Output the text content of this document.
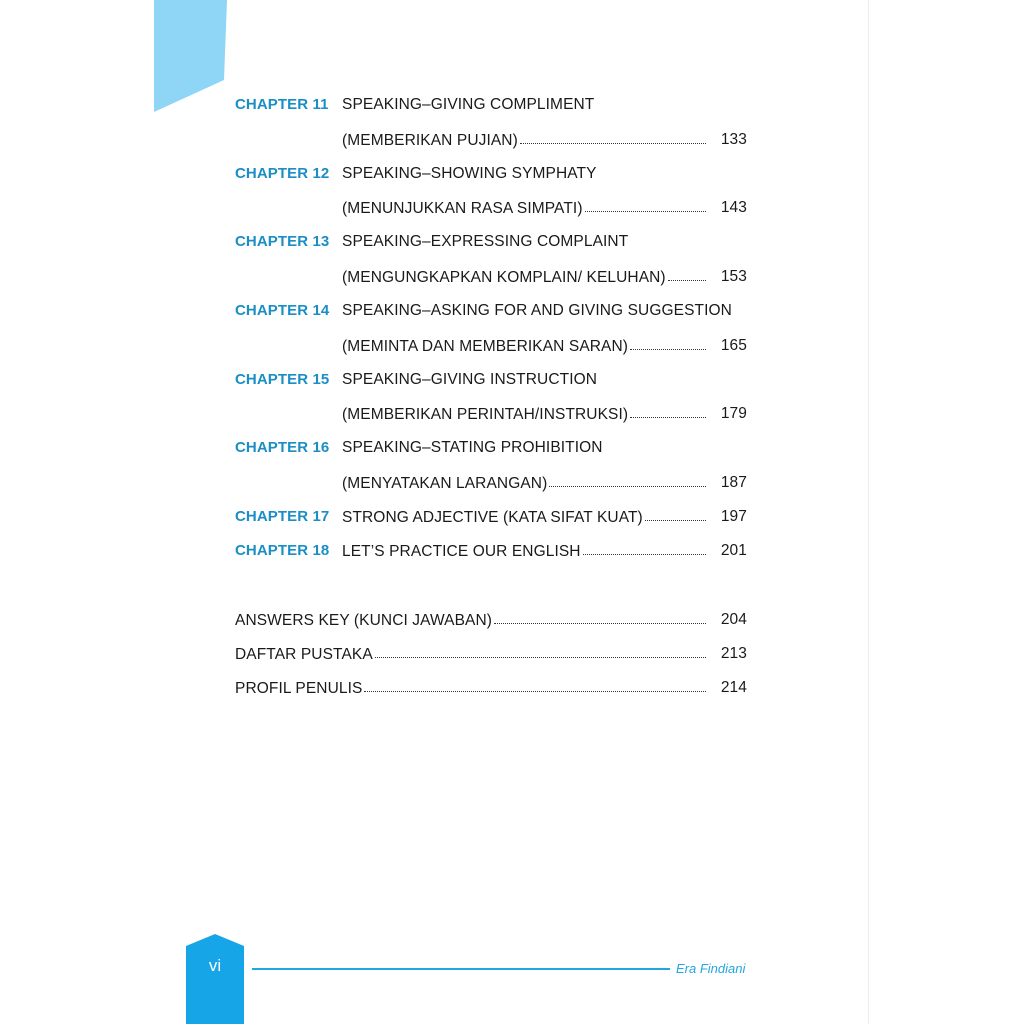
CHAPTER 11 SPEAKING–GIVING COMPLIMENT
(MEMBERIKAN PUJIAN)	133
CHAPTER 12 SPEAKING–SHOWING SYMPHATY
(MENUNJUKKAN RASA SIMPATI)	143
CHAPTER 13 SPEAKING–EXPRESSING COMPLAINT
(MENGUNGKAPKAN KOMPLAIN/ KELUHAN)	153
CHAPTER 14 SPEAKING–ASKING FOR AND GIVING SUGGESTION
(MEMINTA DAN MEMBERIKAN SARAN)	165
CHAPTER 15 SPEAKING–GIVING INSTRUCTION
(MEMBERIKAN PERINTAH/INSTRUKSI)	179
CHAPTER 16 SPEAKING–STATING PROHIBITION
(MENYATAKAN LARANGAN)	187
CHAPTER 17 STRONG ADJECTIVE (KATA SIFAT KUAT)	197
CHAPTER 18 LET’S PRACTICE OUR ENGLISH	201
ANSWERS KEY (KUNCI JAWABAN)	204
DAFTAR PUSTAKA	213
PROFIL PENULIS	214
vi	Era Findiani
